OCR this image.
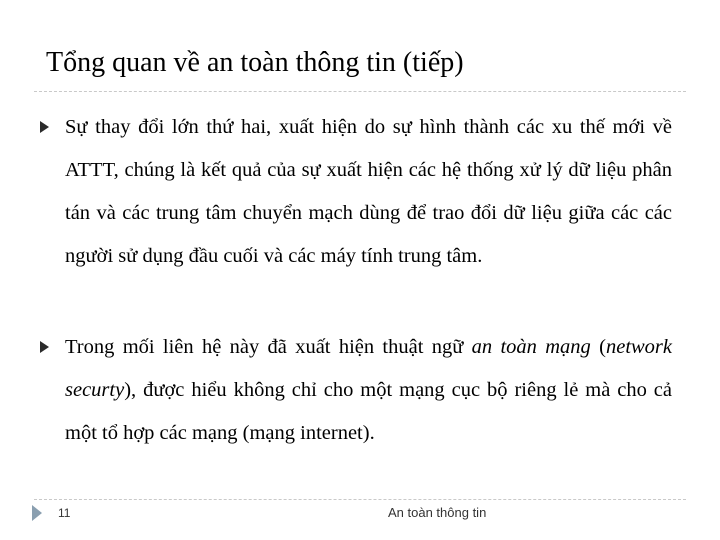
Tổng quan về an toàn thông tin (tiếp)
Sự thay đổi lớn thứ hai, xuất hiện do sự hình thành các xu thế mới về ATTT, chúng là kết quả của sự xuất hiện các hệ thống xử lý dữ liệu phân tán và các trung tâm chuyển mạch dùng để trao đổi dữ liệu giữa các các người sử dụng đầu cuối và các máy tính trung tâm.
Trong mối liên hệ này đã xuất hiện thuật ngữ an toàn mạng (network securty), được hiểu không chỉ cho một mạng cục bộ riêng lẻ mà cho cả một tổ hợp các mạng (mạng internet).
11	An toàn thông tin
